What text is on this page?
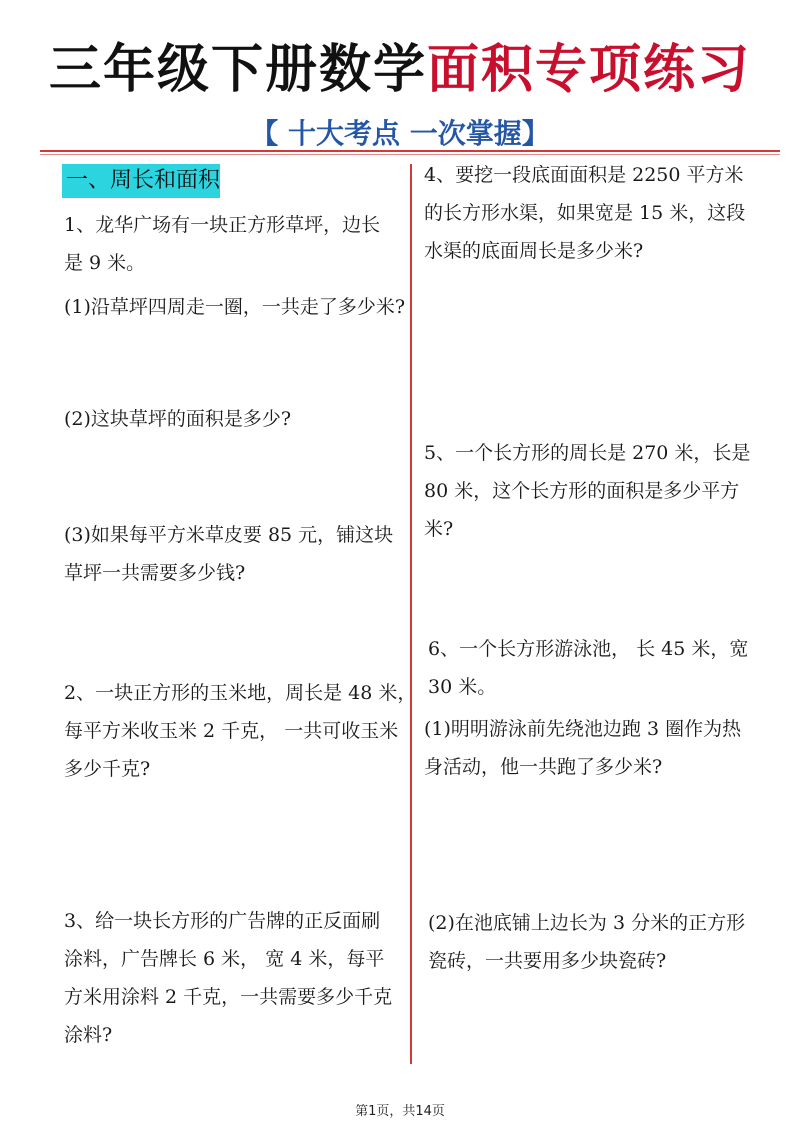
三年级下册数学面积专项练习
【 十大考点 一次掌握】
一、周长和面积
1、龙华广场有一块正方形草坪，边长
是 9 米。
(1)沿草坪四周走一圈，一共走了多少米?
(2)这块草坪的面积是多少?
(3)如果每平方米草皮要 85 元，铺这块
草坪一共需要多少钱?
2、一块正方形的玉米地，周长是 48 米，
每平方米收玉米 2 千克， 一共可收玉米
多少千克?
3、给一块长方形的广告牌的正反面刷
涂料，广告牌长 6 米， 宽 4 米，每平
方米用涂料 2 千克，一共需要多少千克
涂料?
4、要挖一段底面面积是 2250 平方米
的长方形水渠，如果宽是 15 米，这段
水渠的底面周长是多少米?
5、一个长方形的周长是 270 米，长是
80 米，这个长方形的面积是多少平方
米?
6、一个长方形游泳池， 长 45 米，宽
30 米。
(1)明明游泳前先绕池边跑 3 圈作为热
身活动，他一共跑了多少米?
(2)在池底铺上边长为 3 分米的正方形
瓷砖，一共要用多少块瓷砖?
第1页，共14页
